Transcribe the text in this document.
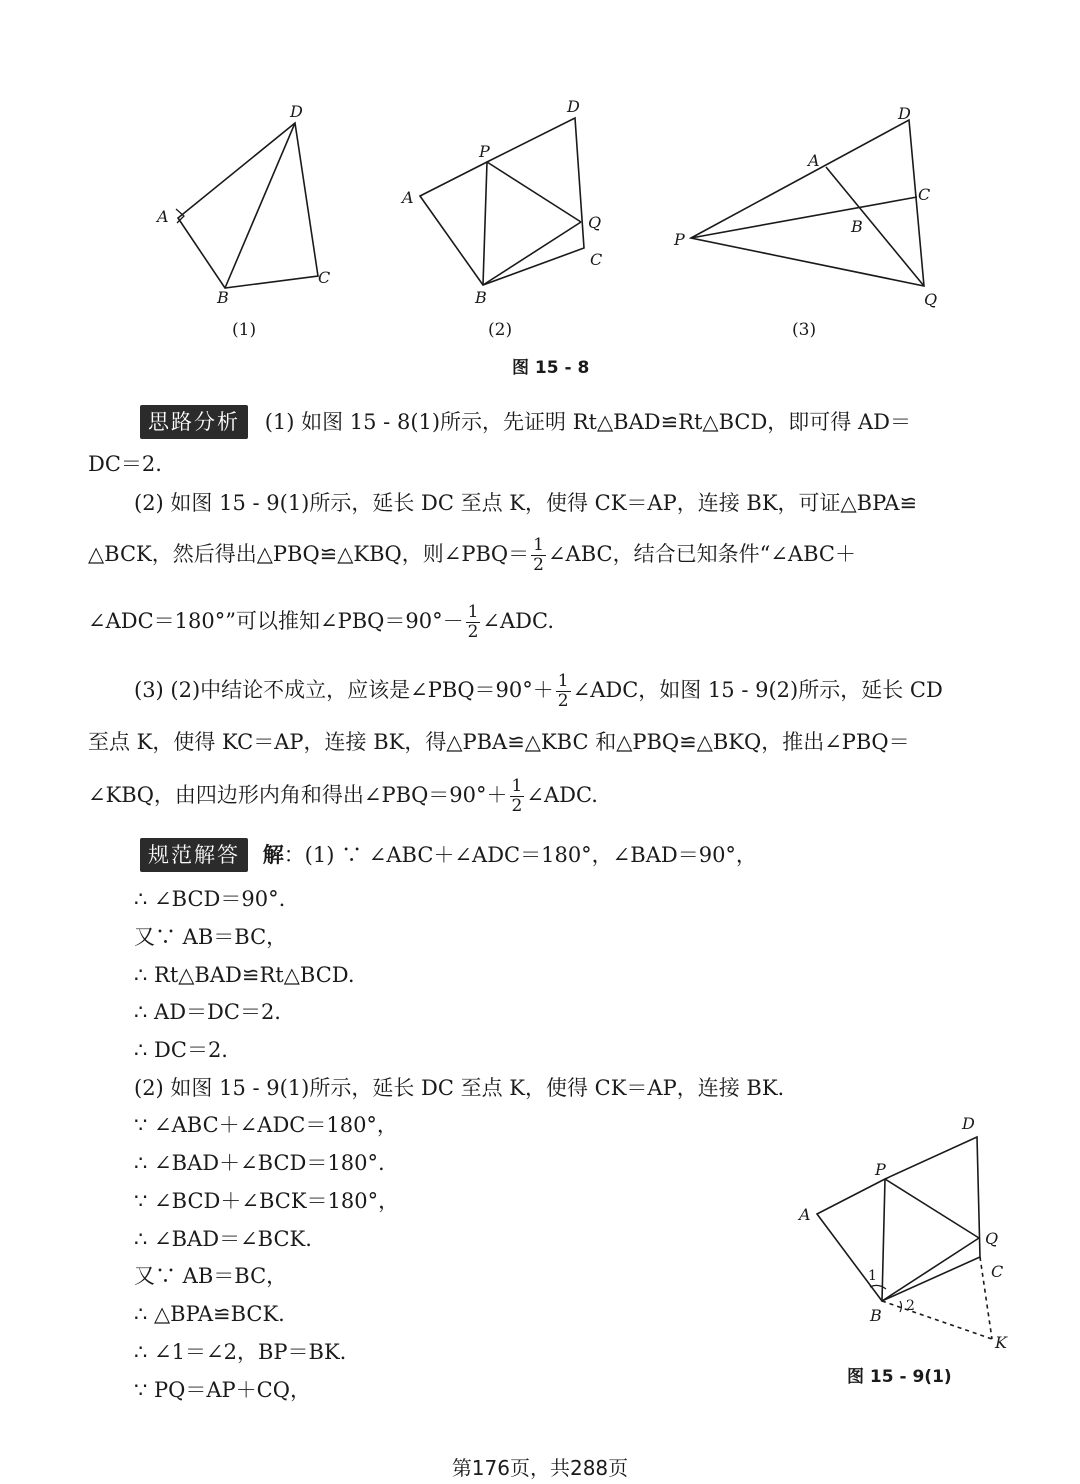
D
A
B
C
(1)
D
P
A
Q
C
B
(2)
D
A
C
B
P
Q
(3)
图 15 - 8
思路分析 (1) 如图 15 - 8(1)所示，先证明 Rt△BAD≌Rt△BCD，即可得 AD＝
DC＝2.
(2) 如图 15 - 9(1)所示，延长 DC 至点 K，使得 CK＝AP，连接 BK，可证△BPA≌
△BCK，然后得出△PBQ≌△KBQ，则∠PBQ＝ $\frac{1}{2}$ ∠ABC，结合已知条件“∠ABC＋
∠ADC＝180°”可以推知∠PBQ＝90°－ $\frac{1}{2}$ ∠ADC.
(3) (2)中结论不成立，应该是∠PBQ＝90°＋ $\frac{1}{2}$ ∠ADC，如图 15 - 9(2)所示，延长 CD
至点 K，使得 KC＝AP，连接 BK，得△PBA≌△KBC 和△PBQ≌△BKQ，推出∠PBQ＝
∠KBQ，由四边形内角和得出∠PBQ＝90°＋ $\frac{1}{2}$ ∠ADC.
规范解答 解：(1) ∵ ∠ABC＋∠ADC＝180°，∠BAD＝90°，
∴ ∠BCD＝90°.
又∵ AB＝BC，
∴ Rt△BAD≌Rt△BCD.
∴ AD＝DC＝2.
∴ DC＝2.
(2) 如图 15 - 9(1)所示，延长 DC 至点 K，使得 CK＝AP，连接 BK.
∵ ∠ABC＋∠ADC＝180°，
∴ ∠BAD＋∠BCD＝180°.
∵ ∠BCD＋∠BCK＝180°，
∴ ∠BAD＝∠BCK.
又∵ AB＝BC，
∴ △BPA≌BCK.
∴ ∠1＝∠2，BP＝BK.
∵ PQ＝AP＋CQ，
D
P
A
Q
C
1
2
B
K
图 15 - 9(1)
第176页，共288页
